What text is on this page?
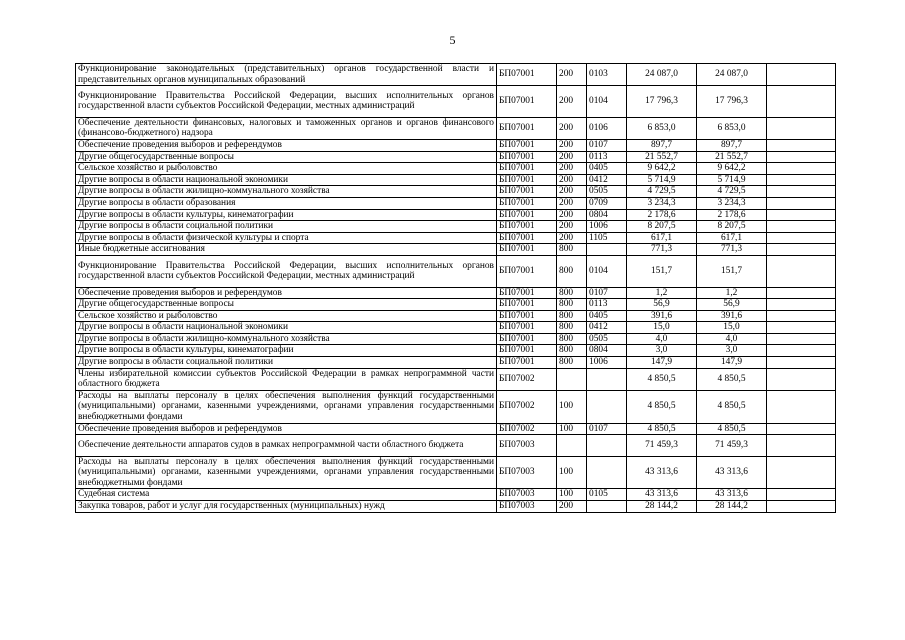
5
Функционирование законодательных (представительных) органов государственной власти и представительных органов муниципальных образований	БП07001	200	0103	24 087,0	24 087,0	
Функционирование Правительства Российской Федерации, высших исполнительных органов государственной власти субъектов Российской Федерации, местных администраций	БП07001	200	0104	17 796,3	17 796,3	
Обеспечение деятельности финансовых, налоговых и таможенных органов и органов финансового (финансово-бюджетного) надзора	БП07001	200	0106	6 853,0	6 853,0	
Обеспечение проведения выборов и референдумов	БП07001	200	0107	897,7	897,7	
Другие общегосударственные вопросы	БП07001	200	0113	21 552,7	21 552,7	
Сельское хозяйство и рыболовство	БП07001	200	0405	9 642,2	9 642,2	
Другие вопросы в области национальной экономики	БП07001	200	0412	5 714,9	5 714,9	
Другие вопросы в области жилищно-коммунального хозяйства	БП07001	200	0505	4 729,5	4 729,5	
Другие вопросы в области образования	БП07001	200	0709	3 234,3	3 234,3	
Другие вопросы в области культуры, кинематографии	БП07001	200	0804	2 178,6	2 178,6	
Другие вопросы в области социальной политики	БП07001	200	1006	8 207,5	8 207,5	
Другие вопросы в области физической культуры и спорта	БП07001	200	1105	617,1	617,1	
Иные бюджетные ассигнования	БП07001	800		771,3	771,3	
Функционирование Правительства Российской Федерации, высших исполнительных органов государственной власти субъектов Российской Федерации, местных администраций	БП07001	800	0104	151,7	151,7	
Обеспечение проведения выборов и референдумов	БП07001	800	0107	1,2	1,2	
Другие общегосударственные вопросы	БП07001	800	0113	56,9	56,9	
Сельское хозяйство и рыболовство	БП07001	800	0405	391,6	391,6	
Другие вопросы в области национальной экономики	БП07001	800	0412	15,0	15,0	
Другие вопросы в области жилищно-коммунального хозяйства	БП07001	800	0505	4,0	4,0	
Другие вопросы в области культуры, кинематографии	БП07001	800	0804	3,0	3,0	
Другие вопросы в области социальной политики	БП07001	800	1006	147,9	147,9	
Члены избирательной комиссии субъектов Российской Федерации в рамках непрограммной части областного бюджета	БП07002			4 850,5	4 850,5	
Расходы на выплаты персоналу в целях обеспечения выполнения функций государственными (муниципальными) органами, казенными учреждениями, органами управления государственными внебюджетными фондами	БП07002	100		4 850,5	4 850,5	
Обеспечение проведения выборов и референдумов	БП07002	100	0107	4 850,5	4 850,5	
Обеспечение деятельности аппаратов судов в рамках непрограммной части областного бюджета	БП07003			71 459,3	71 459,3	
Расходы на выплаты персоналу в целях обеспечения выполнения функций государственными (муниципальными) органами, казенными учреждениями, органами управления государственными внебюджетными фондами	БП07003	100		43 313,6	43 313,6	
Судебная система	БП07003	100	0105	43 313,6	43 313,6	
Закупка товаров, работ и услуг для государственных (муниципальных) нужд	БП07003	200		28 144,2	28 144,2	
